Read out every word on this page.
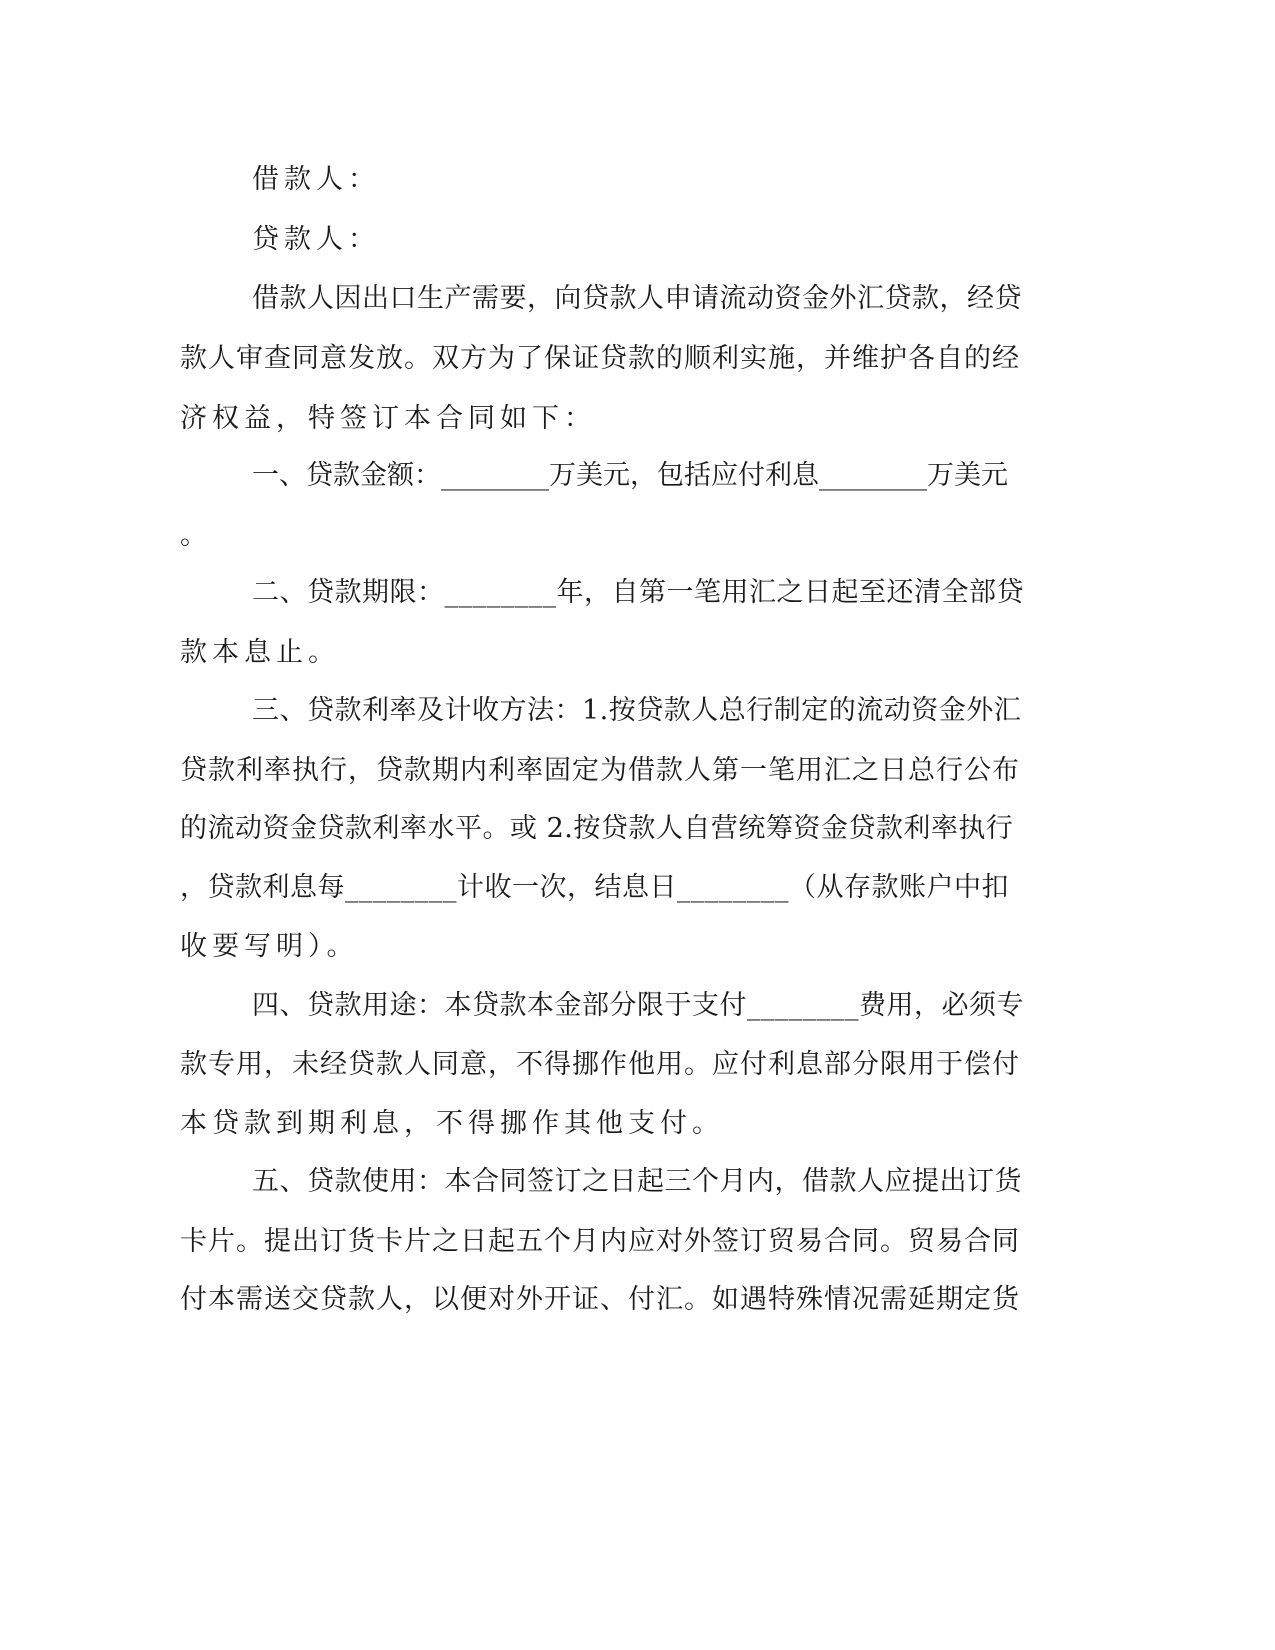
借款人：
贷款人：
借款人因出口生产需要，向贷款人申请流动资金外汇贷款，经贷
款人审查同意发放。双方为了保证贷款的顺利实施，并维护各自的经
济权益，特签订本合同如下：
一、贷款金额：________万美元，包括应付利息________万美元
。
二、贷款期限：________年，自第一笔用汇之日起至还清全部贷
款本息止。
三、贷款利率及计收方法：1.按贷款人总行制定的流动资金外汇
贷款利率执行，贷款期内利率固定为借款人第一笔用汇之日总行公布
的流动资金贷款利率水平。或 2.按贷款人自营统筹资金贷款利率执行
，贷款利息每________计收一次，结息日________（从存款账户中扣
收要写明）。
四、贷款用途：本贷款本金部分限于支付________费用，必须专
款专用，未经贷款人同意，不得挪作他用。应付利息部分限用于偿付
本贷款到期利息，不得挪作其他支付。
五、贷款使用：本合同签订之日起三个月内，借款人应提出订货
卡片。提出订货卡片之日起五个月内应对外签订贸易合同。贸易合同
付本需送交贷款人，以便对外开证、付汇。如遇特殊情况需延期定货
